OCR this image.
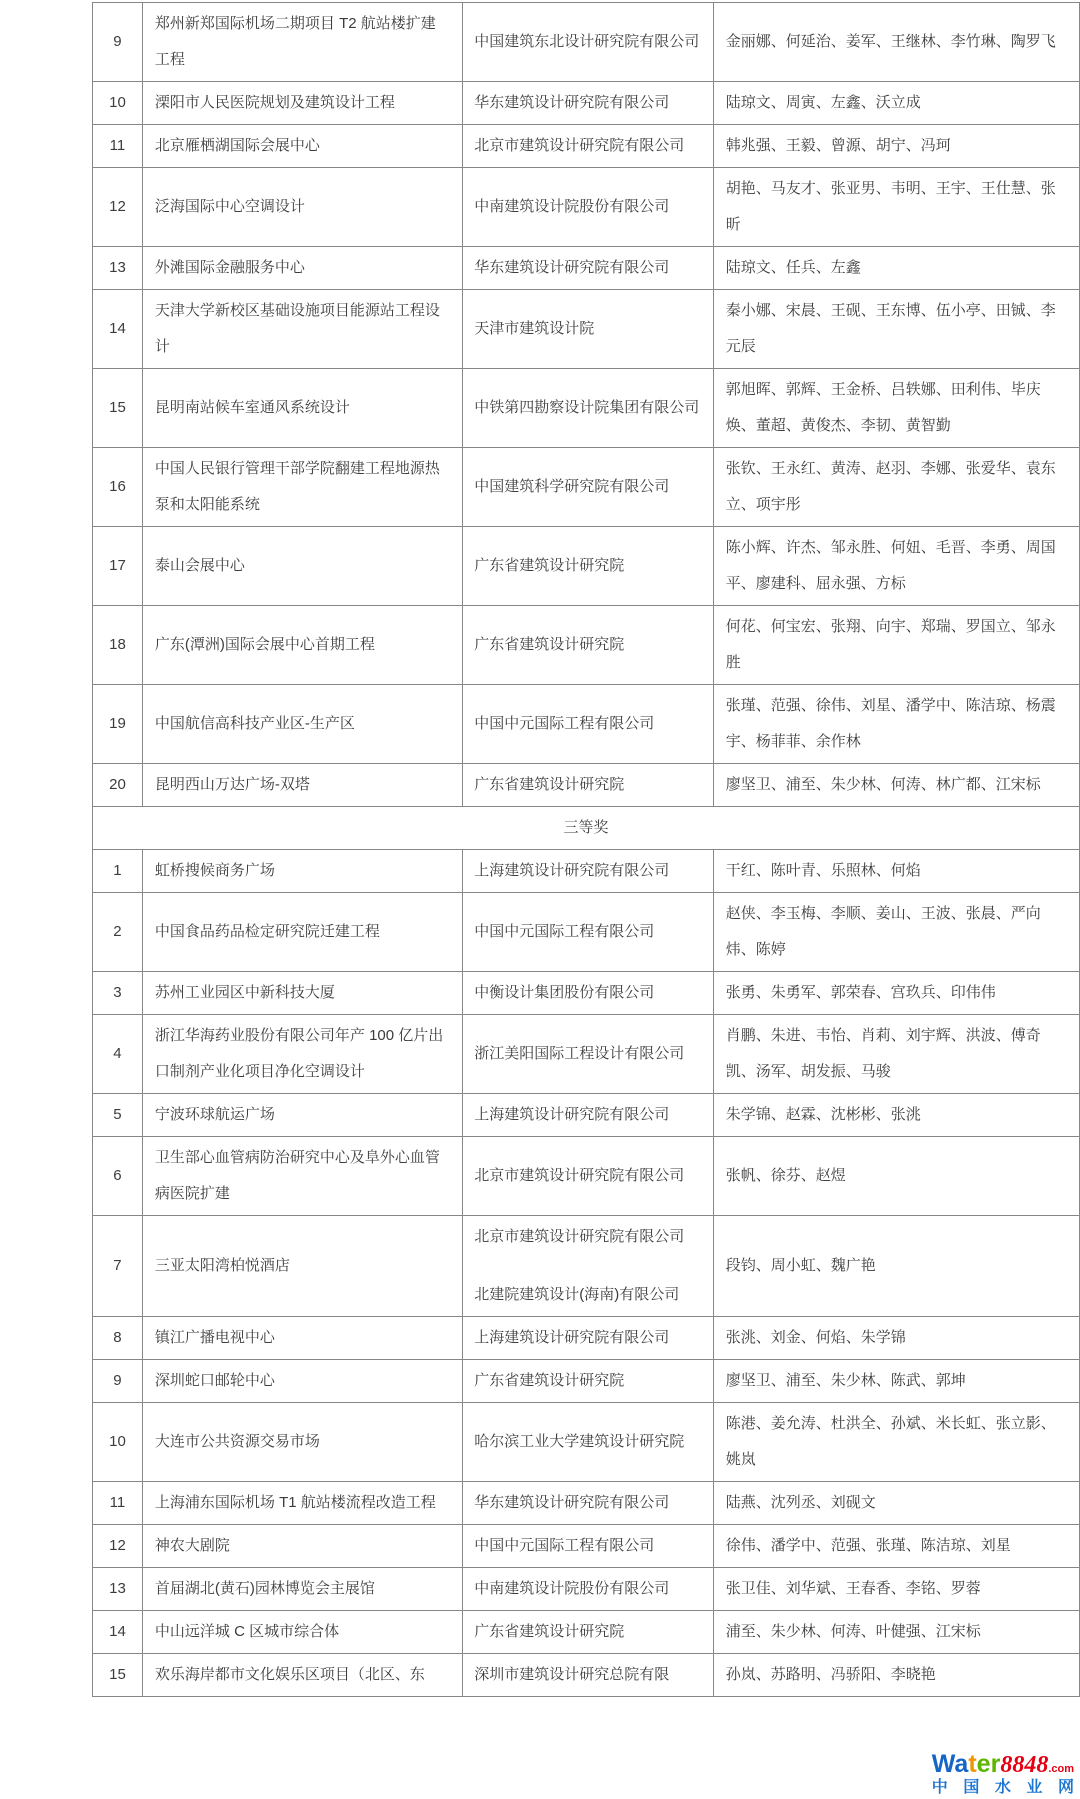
9	郑州新郑国际机场二期项目 T2 航站楼扩建工程	中国建筑东北设计研究院有限公司	金丽娜、何延治、姜军、王继林、李竹琳、陶罗飞
10	溧阳市人民医院规划及建筑设计工程	华东建筑设计研究院有限公司	陆琼文、周寅、左鑫、沃立成
11	北京雁栖湖国际会展中心	北京市建筑设计研究院有限公司	韩兆强、王毅、曾源、胡宁、冯珂
12	泛海国际中心空调设计	中南建筑设计院股份有限公司	胡艳、马友才、张亚男、韦明、王宇、王仕慧、张昕
13	外滩国际金融服务中心	华东建筑设计研究院有限公司	陆琼文、任兵、左鑫
14	天津大学新校区基础设施项目能源站工程设计	天津市建筑设计院	秦小娜、宋晨、王砚、王东博、伍小亭、田铖、李元辰
15	昆明南站候车室通风系统设计	中铁第四勘察设计院集团有限公司	郭旭晖、郭辉、王金桥、吕轶娜、田利伟、毕庆焕、董超、黄俊杰、李韧、黄智勤
16	中国人民银行管理干部学院翻建工程地源热泵和太阳能系统	中国建筑科学研究院有限公司	张钦、王永红、黄涛、赵羽、李娜、张爱华、袁东立、项宇彤
17	泰山会展中心	广东省建筑设计研究院	陈小辉、许杰、邹永胜、何妞、毛晋、李勇、周国平、廖建科、屈永强、方标
18	广东(潭洲)国际会展中心首期工程	广东省建筑设计研究院	何花、何宝宏、张翔、向宇、郑瑞、罗国立、邹永胜
19	中国航信高科技产业区-生产区	中国中元国际工程有限公司	张瑾、范强、徐伟、刘星、潘学中、陈洁琼、杨震宇、杨菲菲、余作林
20	昆明西山万达广场-双塔	广东省建筑设计研究院	廖坚卫、浦至、朱少林、何涛、林广都、江宋标
三等奖			
1	虹桥搜候商务广场	上海建筑设计研究院有限公司	干红、陈叶青、乐照林、何焰
2	中国食品药品检定研究院迁建工程	中国中元国际工程有限公司	赵侠、李玉梅、李顺、姜山、王波、张晨、严向炜、陈婷
3	苏州工业园区中新科技大厦	中衡设计集团股份有限公司	张勇、朱勇军、郭荣春、宫玖兵、印伟伟
4	浙江华海药业股份有限公司年产 100 亿片出口制剂产业化项目净化空调设计	浙江美阳国际工程设计有限公司	肖鹏、朱进、韦怡、肖莉、刘宇辉、洪波、傅奇凯、汤军、胡发振、马骏
5	宁波环球航运广场	上海建筑设计研究院有限公司	朱学锦、赵霖、沈彬彬、张洮
6	卫生部心血管病防治研究中心及阜外心血管病医院扩建	北京市建筑设计研究院有限公司	张帆、徐芬、赵煜
7	三亚太阳湾柏悦酒店	北京市建筑设计研究院有限公司
北建院建筑设计(海南)有限公司	段钧、周小虹、魏广艳
8	镇江广播电视中心	上海建筑设计研究院有限公司	张洮、刘金、何焰、朱学锦
9	深圳蛇口邮轮中心	广东省建筑设计研究院	廖坚卫、浦至、朱少林、陈武、郭坤
10	大连市公共资源交易市场	哈尔滨工业大学建筑设计研究院	陈港、姜允涛、杜洪全、孙斌、米长虹、张立影、姚岚
11	上海浦东国际机场 T1 航站楼流程改造工程	华东建筑设计研究院有限公司	陆燕、沈列丞、刘砚文
12	神农大剧院	中国中元国际工程有限公司	徐伟、潘学中、范强、张瑾、陈洁琼、刘星
13	首届湖北(黄石)园林博览会主展馆	中南建筑设计院股份有限公司	张卫佳、刘华斌、王春香、李铭、罗蓉
14	中山远洋城 C 区城市综合体	广东省建筑设计研究院	浦至、朱少林、何涛、叶健强、江宋标
15	欢乐海岸都市文化娱乐区项目（北区、东	深圳市建筑设计研究总院有限	孙岚、苏路明、冯骄阳、李晓艳
Water8848.com
中 国 水 业 网
